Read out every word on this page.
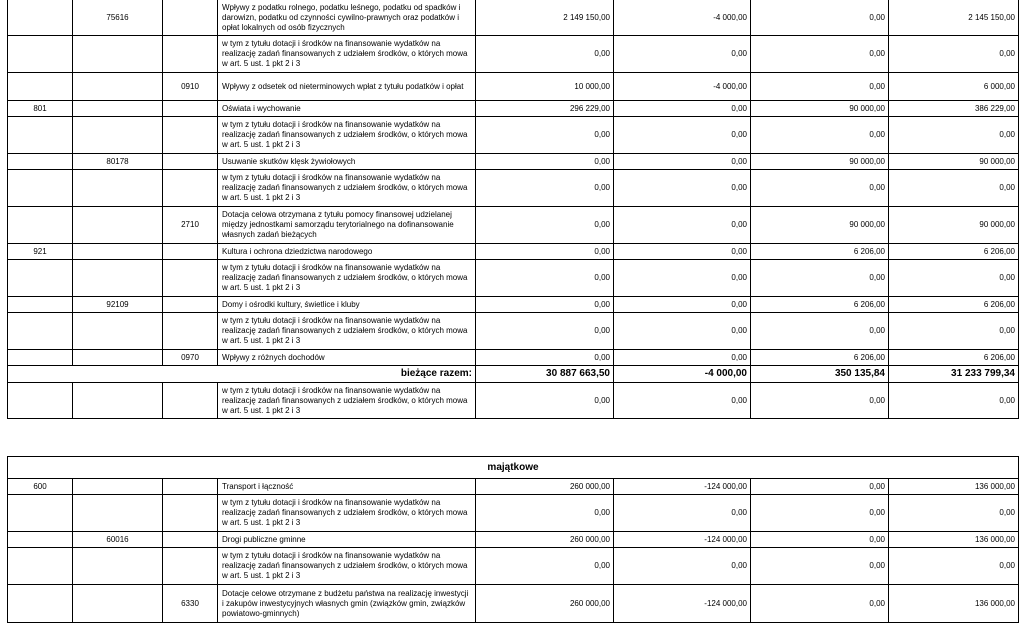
	75616		Wpływy z podatku rolnego, podatku leśnego, podatku od spadków i darowizn, podatku od czynności cywilno-prawnych oraz podatków i opłat lokalnych od osób fizycznych	2 149 150,00	-4 000,00	0,00	2 145 150,00
			w tym z tytułu dotacji i środków na finansowanie wydatków na realizację zadań finansowanych z udziałem środków, o których mowa w art. 5 ust. 1 pkt 2 i 3	0,00	0,00	0,00	0,00
		0910	Wpływy z odsetek od nieterminowych wpłat z tytułu podatków i opłat	10 000,00	-4 000,00	0,00	6 000,00
801			Oświata i wychowanie	296 229,00	0,00	90 000,00	386 229,00
			w tym z tytułu dotacji i środków na finansowanie wydatków na realizację zadań finansowanych z udziałem środków, o których mowa w art. 5 ust. 1 pkt 2 i 3	0,00	0,00	0,00	0,00
	80178		Usuwanie skutków klęsk żywiołowych	0,00	0,00	90 000,00	90 000,00
			w tym z tytułu dotacji i środków na finansowanie wydatków na realizację zadań finansowanych z udziałem środków, o których mowa w art. 5 ust. 1 pkt 2 i 3	0,00	0,00	0,00	0,00
		2710	Dotacja celowa otrzymana z tytułu pomocy finansowej udzielanej między jednostkami samorządu terytorialnego na dofinansowanie własnych zadań bieżących	0,00	0,00	90 000,00	90 000,00
921			Kultura i ochrona dziedzictwa narodowego	0,00	0,00	6 206,00	6 206,00
			w tym z tytułu dotacji i środków na finansowanie wydatków na realizację zadań finansowanych z udziałem środków, o których mowa w art. 5 ust. 1 pkt 2 i 3	0,00	0,00	0,00	0,00
	92109		Domy i ośrodki kultury, świetlice i kluby	0,00	0,00	6 206,00	6 206,00
			w tym z tytułu dotacji i środków na finansowanie wydatków na realizację zadań finansowanych z udziałem środków, o których mowa w art. 5 ust. 1 pkt 2 i 3	0,00	0,00	0,00	0,00
		0970	Wpływy z różnych dochodów	0,00	0,00	6 206,00	6 206,00
bieżące razem:				30 887 663,50	-4 000,00	350 135,84	31 233 799,34
			w tym z tytułu dotacji i środków na finansowanie wydatków na realizację zadań finansowanych z udziałem środków, o których mowa w art. 5 ust. 1 pkt 2 i 3	0,00	0,00	0,00	0,00
majątkowe							
600			Transport i łączność	260 000,00	-124 000,00	0,00	136 000,00
			w tym z tytułu dotacji i środków na finansowanie wydatków na realizację zadań finansowanych z udziałem środków, o których mowa w art. 5 ust. 1 pkt 2 i 3	0,00	0,00	0,00	0,00
	60016		Drogi publiczne gminne	260 000,00	-124 000,00	0,00	136 000,00
			w tym z tytułu dotacji i środków na finansowanie wydatków na realizację zadań finansowanych z udziałem środków, o których mowa w art. 5 ust. 1 pkt 2 i 3	0,00	0,00	0,00	0,00
		6330	Dotacje celowe otrzymane z budżetu państwa na realizację inwestycji i zakupów inwestycyjnych własnych gmin (związków gmin, związków powiatowo-gminnych)	260 000,00	-124 000,00	0,00	136 000,00
